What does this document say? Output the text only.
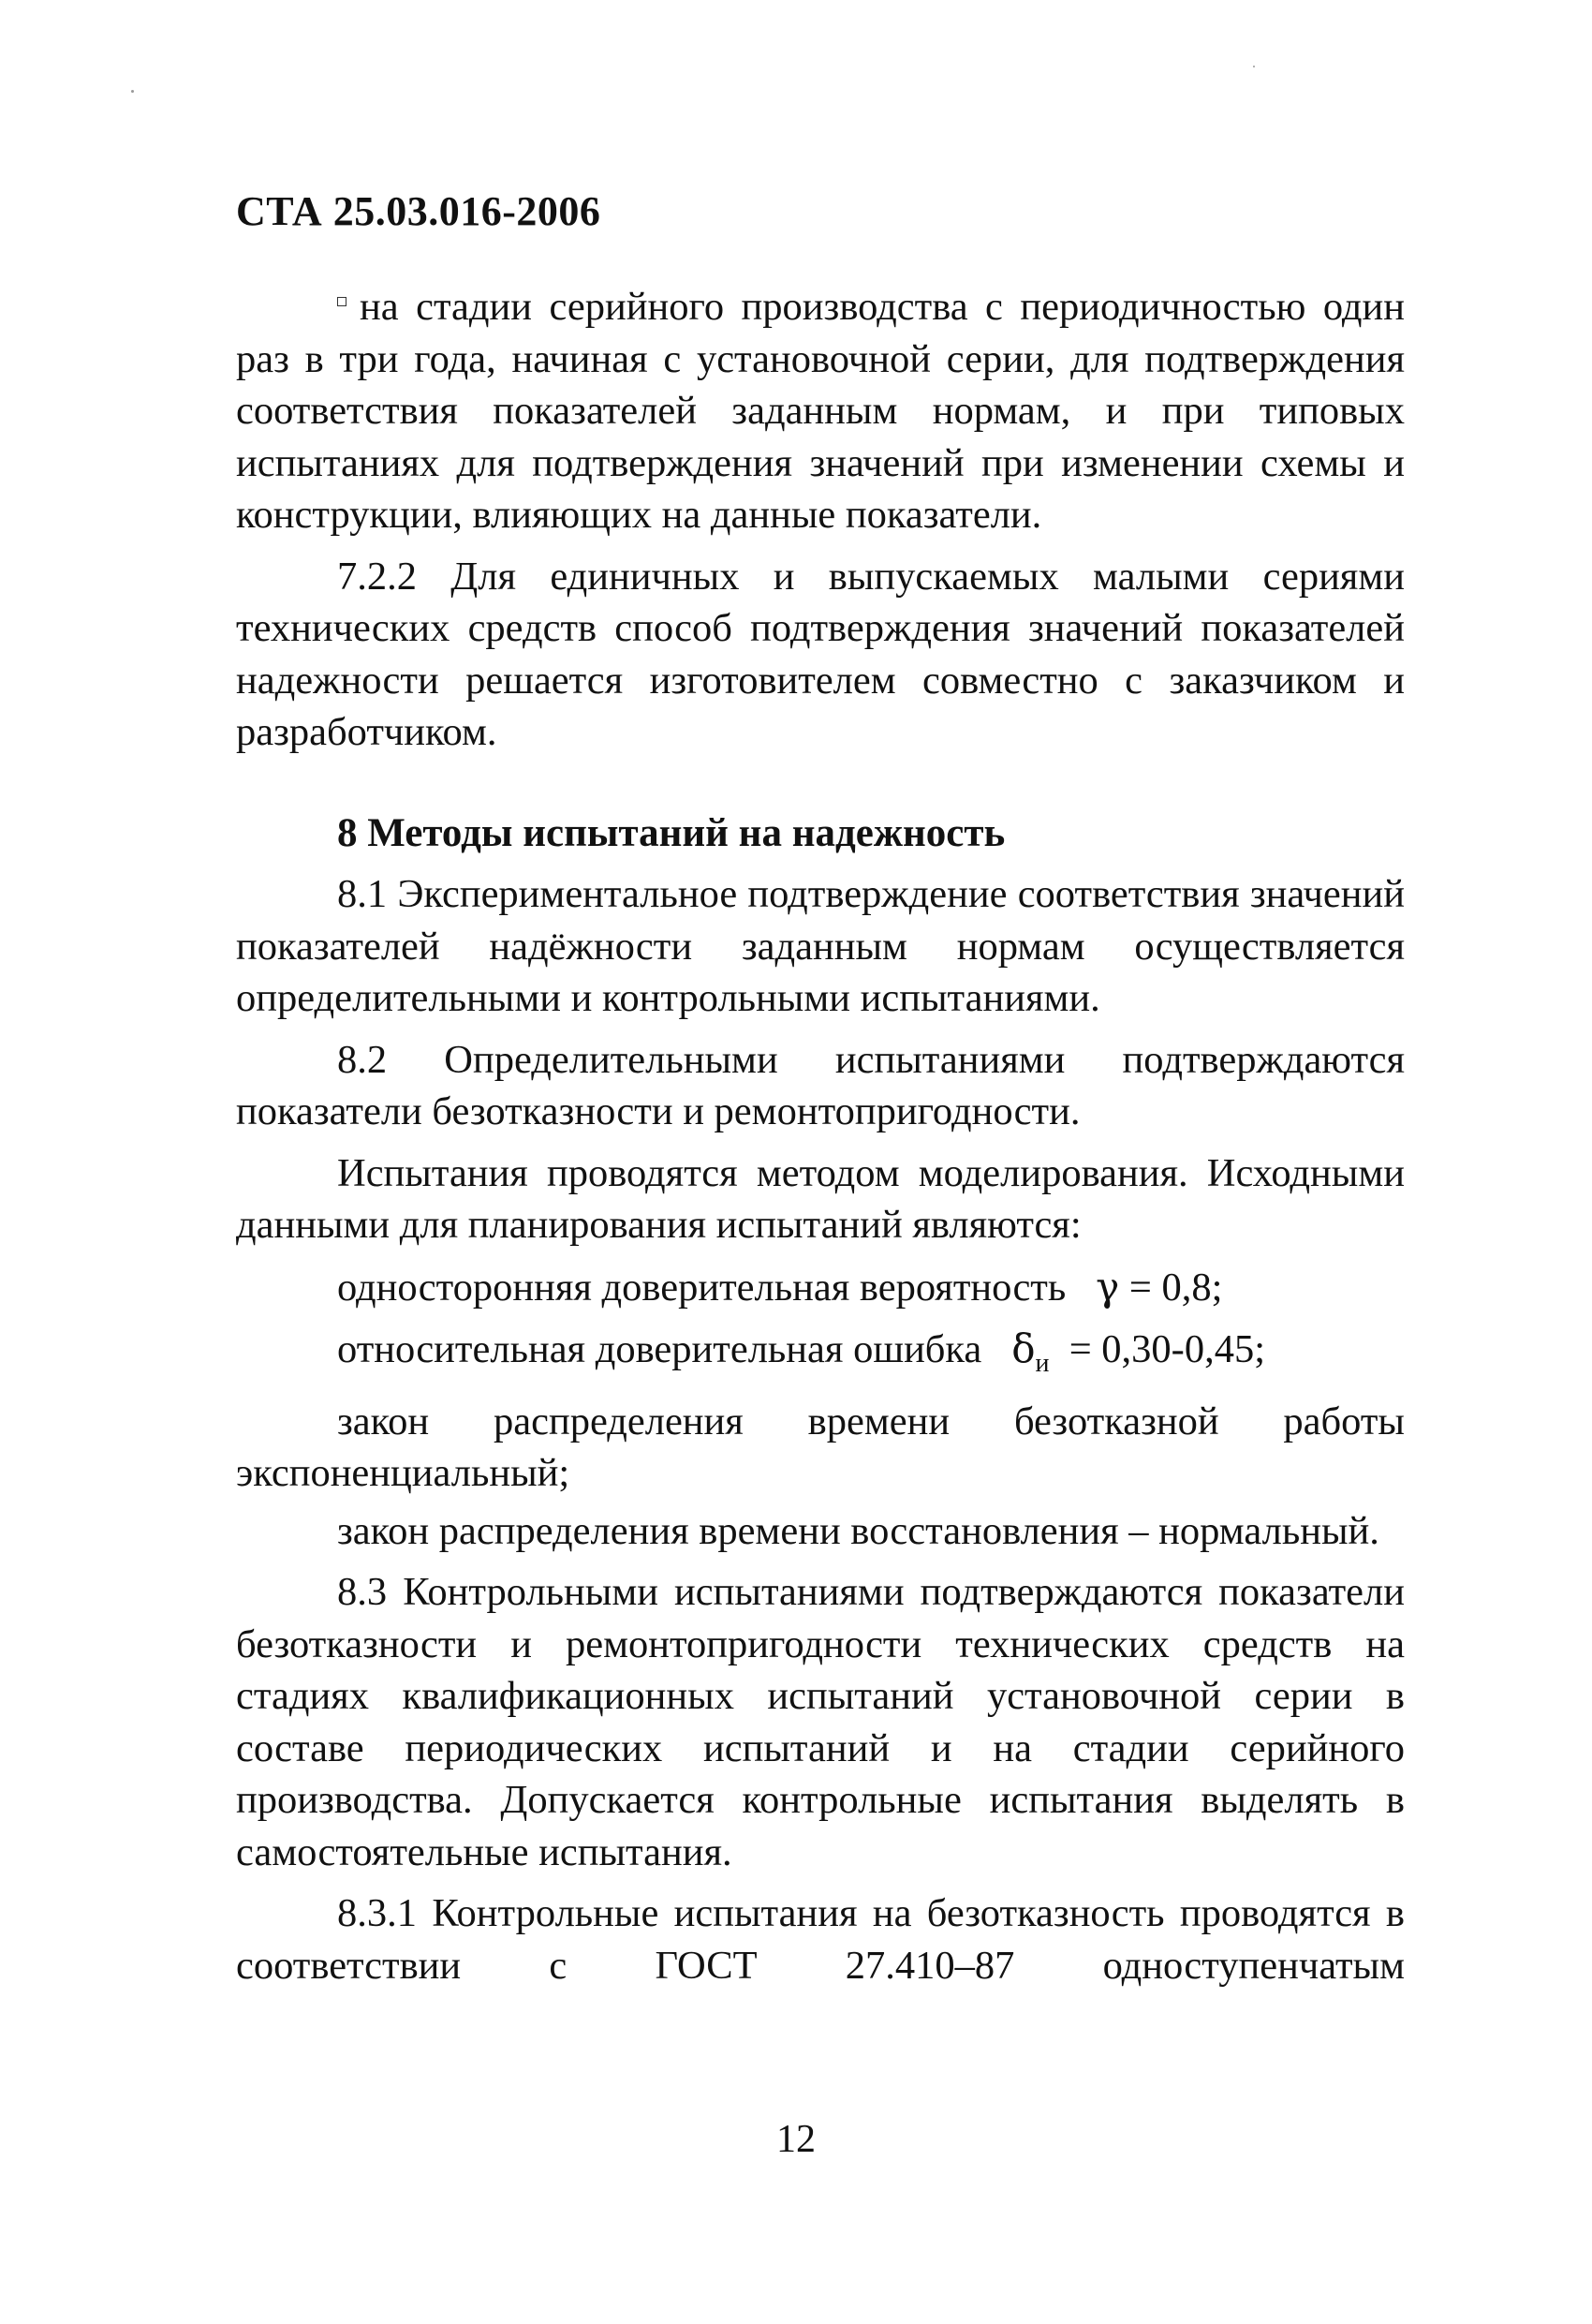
СТА 25.03.016-2006

на стадии серийного производства с периодичностью один раз в три года, начиная с установочной серии, для подтверждения соответствия показателей заданным нормам, и при типовых испытаниях для подтверждения значений при изменении схемы и конструкции, влияющих на данные показатели.

7.2.2 Для единичных и выпускаемых малыми сериями технических средств способ подтверждения значений показателей надежности решается изготовителем совместно с заказчиком и разработчиком.

8 Методы испытаний на надежность

8.1 Экспериментальное подтверждение соответствия значений показателей надёжности заданным нормам осуществляется определительными и контрольными испытаниями.

8.2 Определительными испытаниями подтверждаются показатели безотказности и ремонтопригодности.

Испытания проводятся методом моделирования. Исходными данными для планирования испытаний являются:

односторонняя доверительная вероятность γ = 0,8;

относительная доверительная ошибка $\delta_и = 0,30-0,45$;

закон распределения времени безотказной работы экспоненциальный;

закон распределения времени восстановления – нормальный.

8.3 Контрольными испытаниями подтверждаются показатели безотказности и ремонтопригодности технических средств на стадиях квалификационных испытаний установочной серии в составе периодических испытаний и на стадии серийного производства. Допускается контрольные испытания выделять в самостоятельные испытания.

8.3.1 Контрольные испытания на безотказность проводятся в соответствии с ГОСТ 27.410–87 одноступенчатым

12
